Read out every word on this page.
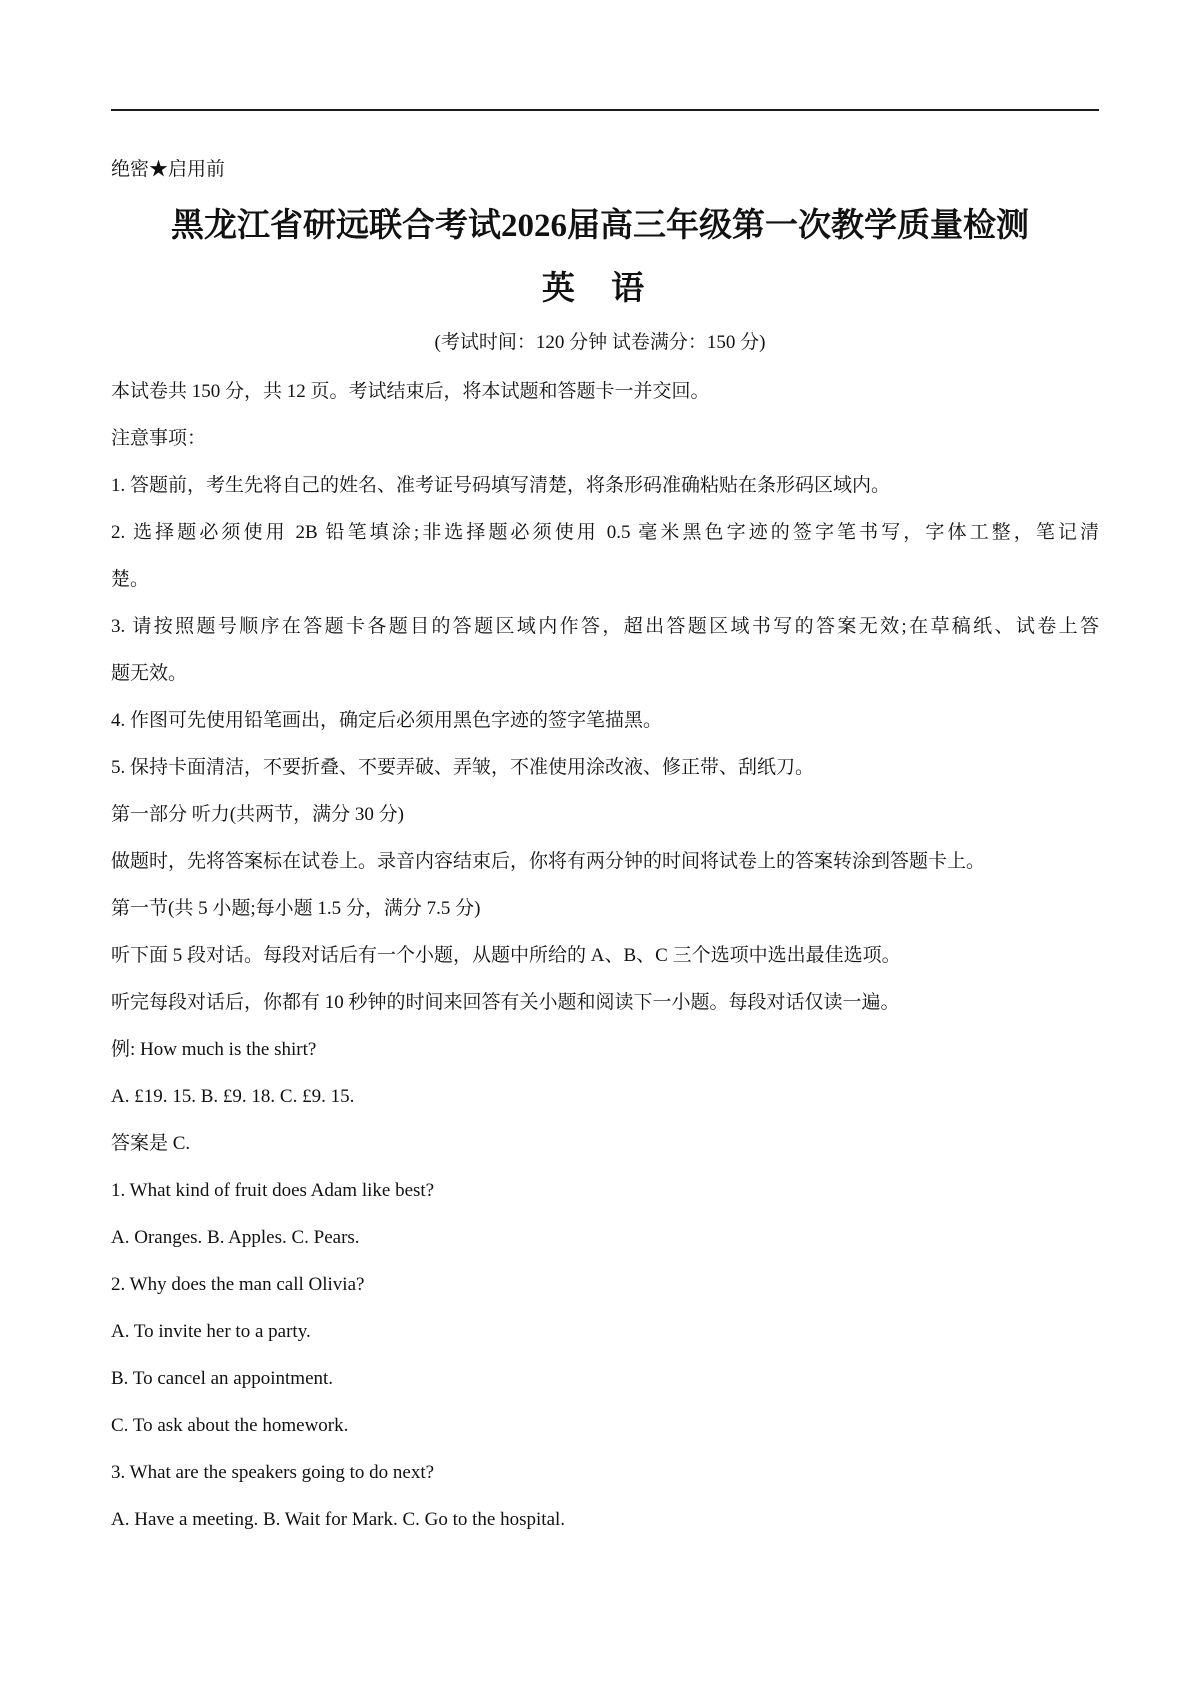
绝密★启用前
黑龙江省研远联合考试2026届高三年级第一次教学质量检测
英 语
(考试时间：120 分钟 试卷满分：150 分)
本试卷共 150 分，共 12 页。考试结束后，将本试题和答题卡一并交回。
注意事项：
1. 答题前，考生先将自己的姓名、准考证号码填写清楚，将条形码准确粘贴在条形码区域内。
2. 选择题必须使用 2B 铅笔填涂;非选择题必须使用 0.5 毫米黑色字迹的签字笔书写，字体工整，笔记清
楚。
3. 请按照题号顺序在答题卡各题目的答题区域内作答，超出答题区域书写的答案无效;在草稿纸、试卷上答
题无效。
4. 作图可先使用铅笔画出，确定后必须用黑色字迹的签字笔描黑。
5. 保持卡面清洁，不要折叠、不要弄破、弄皱，不准使用涂改液、修正带、刮纸刀。
第一部分 听力(共两节，满分 30 分)
做题时，先将答案标在试卷上。录音内容结束后，你将有两分钟的时间将试卷上的答案转涂到答题卡上。
第一节(共 5 小题;每小题 1.5 分，满分 7.5 分)
听下面 5 段对话。每段对话后有一个小题，从题中所给的 A、B、C 三个选项中选出最佳选项。
听完每段对话后，你都有 10 秒钟的时间来回答有关小题和阅读下一小题。每段对话仅读一遍。
例: How much is the shirt?
A. £19. 15. B. £9. 18. C. £9. 15.
答案是 C.
1. What kind of fruit does Adam like best?
A. Oranges. B. Apples. C. Pears.
2. Why does the man call Olivia?
A. To invite her to a party.
B. To cancel an appointment.
C. To ask about the homework.
3. What are the speakers going to do next?
A. Have a meeting. B. Wait for Mark. C. Go to the hospital.
